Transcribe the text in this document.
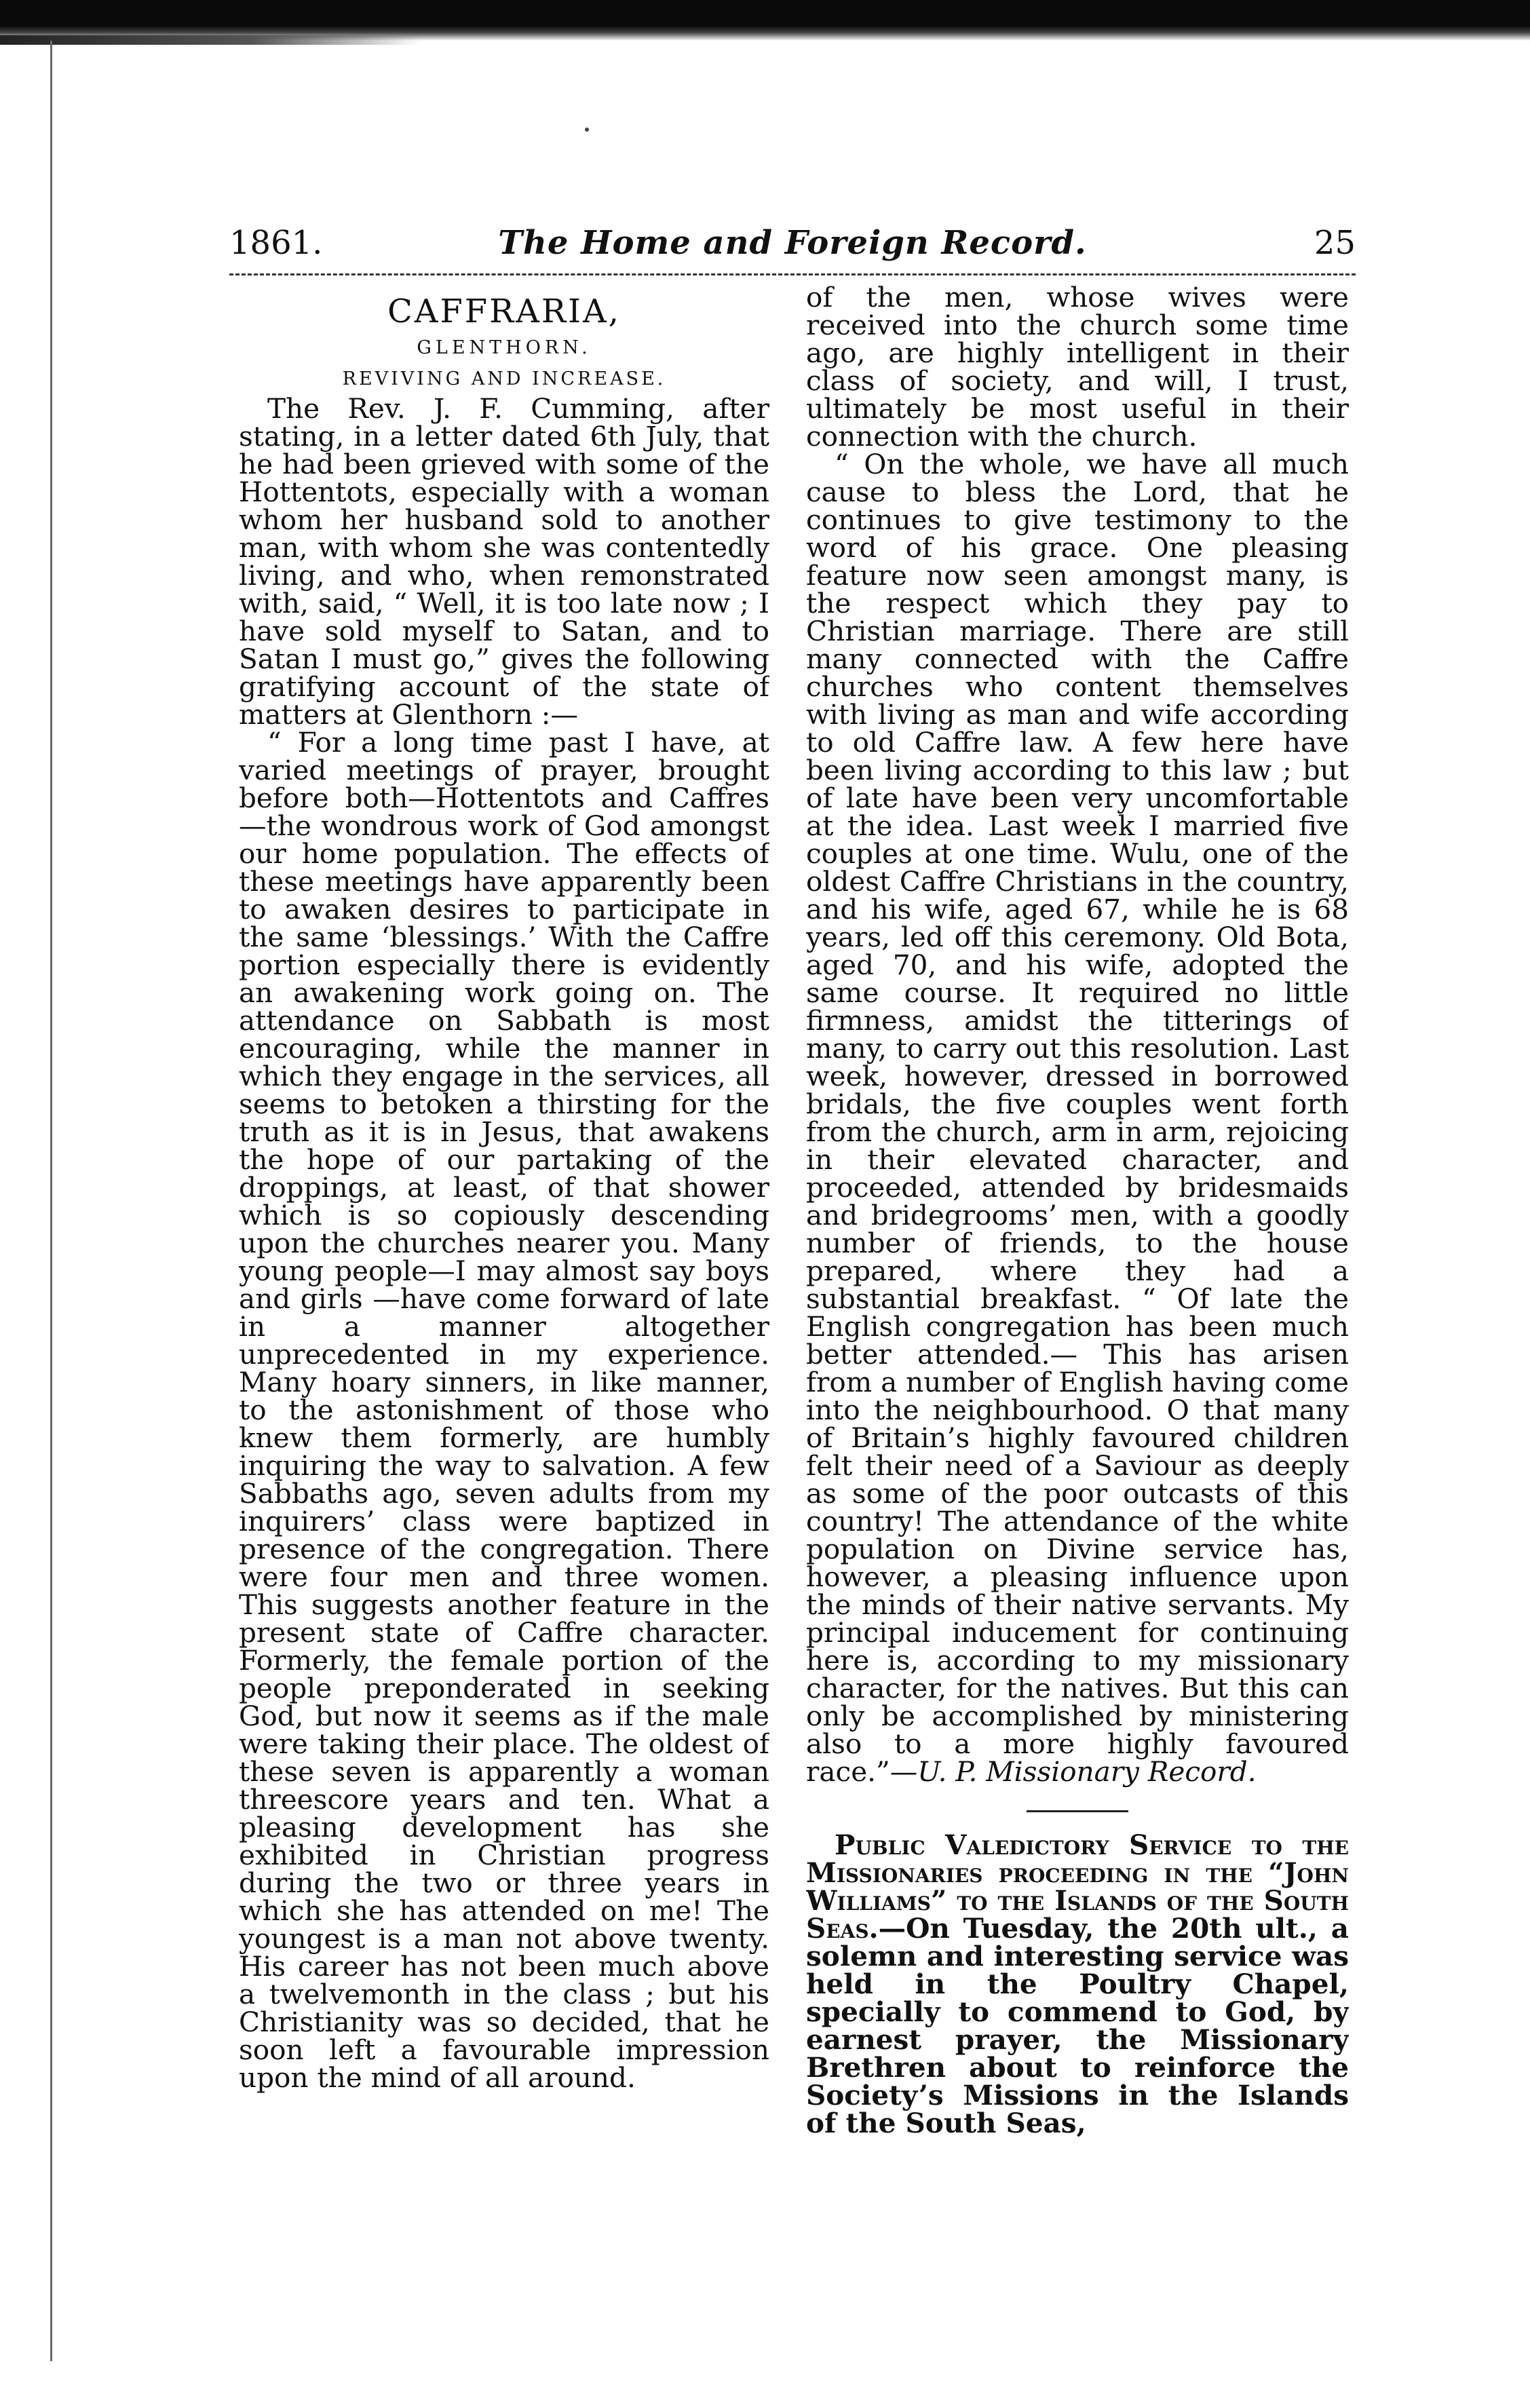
1861.	The Home and Foreign Record.	25
CAFFRARIA,
GLENTHORN.
REVIVING AND INCREASE.

The Rev. J. F. Cumming, after stating, in a letter dated 6th July, that he had been grieved with some of the Hottentots, especially with a woman whom her husband sold to another man, with whom she was contentedly living, and who, when remonstrated with, said, “ Well, it is too late now ; I have sold myself to Satan, and to Satan I must go,” gives the following gratifying account of the state of matters at Glenthorn :—

“ For a long time past I have, at varied meetings of prayer, brought before both—Hottentots and Caffres—the wondrous work of God amongst our home population. The effects of these meetings have apparently been to awaken desires to participate in the same ‘blessings.’ With the Caffre portion especially there is evidently an awakening work going on. The attendance on Sabbath is most encouraging, while the manner in which they engage in the services, all seems to betoken a thirsting for the truth as it is in Jesus, that awakens the hope of our partaking of the droppings, at least, of that shower which is so copiously descending upon the churches nearer you. Many young people—I may almost say boys and girls —have come forward of late in a manner altogether unprecedented in my experience. Many hoary sinners, in like manner, to the astonishment of those who knew them formerly, are humbly inquiring the way to salvation. A few Sabbaths ago, seven adults from my inquirers’ class were baptized in presence of the congregation. There were four men and three women. This suggests another feature in the present state of Caffre character. Formerly, the female portion of the people preponderated in seeking God, but now it seems as if the male were taking their place. The oldest of these seven is apparently a woman threescore years and ten. What a pleasing development has she exhibited in Christian progress during the two or three years in which she has attended on me! The youngest is a man not above twenty. His career has not been much above a twelvemonth in the class ; but his Christianity was so decided, that he soon left a favourable impression upon the mind of all around.

of the men, whose wives were received into the church some time ago, are highly intelligent in their class of society, and will, I trust, ultimately be most useful in their connection with the church.

“ On the whole, we have all much cause to bless the Lord, that he continues to give testimony to the word of his grace. One pleasing feature now seen amongst many, is the respect which they pay to Christian marriage. There are still many connected with the Caffre churches who content themselves with living as man and wife according to old Caffre law. A few here have been living according to this law ; but of late have been very uncomfortable at the idea. Last week I married five couples at one time. Wulu, one of the oldest Caffre Christians in the country, and his wife, aged 67, while he is 68 years, led off this ceremony. Old Bota, aged 70, and his wife, adopted the same course. It required no little firmness, amidst the titterings of many, to carry out this resolution. Last week, however, dressed in borrowed bridals, the five couples went forth from the church, arm in arm, rejoicing in their elevated character, and proceeded, attended by bridesmaids and bridegrooms’ men, with a goodly number of friends, to the house prepared, where they had a substantial breakfast. “ Of late the English congregation has been much better attended.— This has arisen from a number of English having come into the neighbourhood. O that many of Britain’s highly favoured children felt their need of a Saviour as deeply as some of the poor outcasts of this country! The attendance of the white population on Divine service has, however, a pleasing influence upon the minds of their native servants. My principal inducement for continuing here is, according to my missionary character, for the natives. But this can only be accomplished by ministering also to a more highly favoured race.”—U. P. Missionary Record.

Public Valedictory Service to the Missionaries proceeding in the “John Williams” to the Islands of the South Seas.—On Tuesday, the 20th ult., a solemn and interesting service was held in the Poultry Chapel, specially to commend to God, by earnest prayer, the Missionary Brethren about to reinforce the Society’s Missions in the Islands of the South Seas,
